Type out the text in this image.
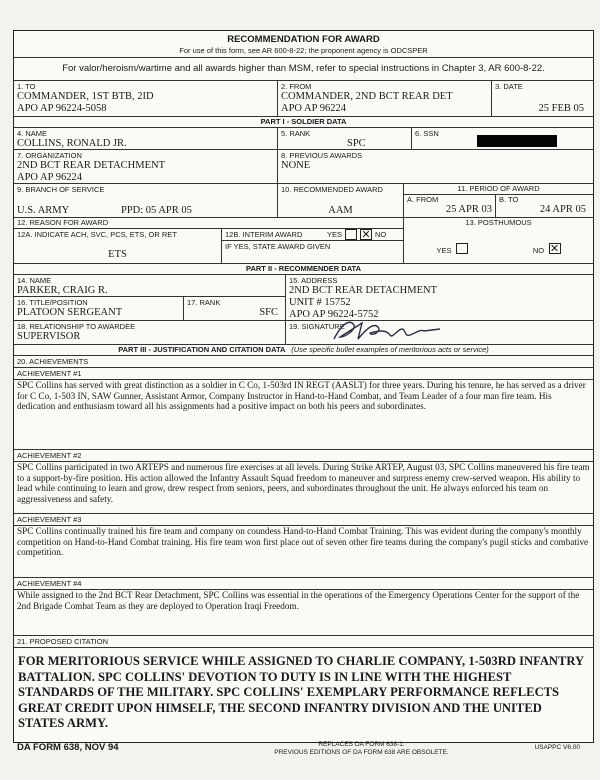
RECOMMENDATION FOR AWARD
For use of this form, see AR 600-8-22; the proponent agency is ODCSPER
For valor/heroism/wartime and all awards higher than MSM, refer to special instructions in Chapter 3, AR 600-8-22.
1. TO
COMMANDER, 1ST BTB, 2ID
APO AP 96224-5058
2. FROM
COMMANDER, 2ND BCT REAR DET
APO AP 96224
3. DATE
25 FEB 05
PART I - SOLDIER DATA
4. NAME
COLLINS, RONALD JR.
5. RANK
SPC
6. SSN
7. ORGANIZATION
2ND BCT REAR DETACHMENT
APO AP 96224
8. PREVIOUS AWARDS
NONE
9. BRANCH OF SERVICE
U.S. ARMY	PPD: 05 APR 05
10. RECOMMENDED AWARD
AAM
11. PERIOD OF AWARD
A. FROM
25 APR 03
B. TO
24 APR 05
12. REASON FOR AWARD
12A. INDICATE ACH, SVC, PCS, ETS, OR RET
ETS
12B. INTERIM AWARD	YES ✕ NO
IF YES, STATE AWARD GIVEN
13. POSTHUMOUS
YES	NO ✕
PART II - RECOMMENDER DATA
14. NAME
PARKER, CRAIG R.
16. TITLE/POSITION
PLATOON SERGEANT
17. RANK
SFC
18. RELATIONSHIP TO AWARDEE
SUPERVISOR
15. ADDRESS
2ND BCT REAR DETACHMENT
UNIT # 15752
APO AP 96224-5752
19. SIGNATURE
PART III - JUSTIFICATION AND CITATION DATA (Use specific bullet examples of meritorious acts or service)
20. ACHIEVEMENTS
ACHIEVEMENT #1
SPC Collins has served with great distinction as a soldier in C Co, 1-503rd IN REGT (AASLT) for three years. During his tenure, he has served as a driver for C Co, 1-503 IN, SAW Gunner, Assistant Armor, Company Instructor in Hand-to-Hand Combat, and Team Leader of a four man fire team. His dedication and enthusiasm toward all his assignments had a positive impact on both his peers and subordinates.
ACHIEVEMENT #2
SPC Collins participated in two ARTEPS and numerous fire exercises at all levels. During Strike ARTEP, August 03, SPC Collins maneuvered his fire team to a support-by-fire position. His action allowed the Infantry Assault Squad freedom to maneuver and surpress enemy crew-served weapon. His ability to lead while continuing to learn and grow, drew respect from seniors, peers, and subordinates throughout the unit. He always enforced his team on aggressiveness and safety.
ACHIEVEMENT #3
SPC Collins continually trained his fire team and company on coundess Hand-to-Hand Combat Training. This was evident during the company's monthly competition on Hand-to-Hand Combat training. His fire team won first place out of seven other fire teams during the company's pugil sticks and combative competition.
ACHIEVEMENT #4
While assigned to the 2nd BCT Rear Detachment, SPC Collins was essential in the operations of the Emergency Operations Center for the support of the 2nd Brigade Combat Team as they are deployed to Operation Iraqi Freedom.
21. PROPOSED CITATION
FOR MERITORIOUS SERVICE WHILE ASSIGNED TO CHARLIE COMPANY, 1-503RD INFANTRY BATTALION. SPC COLLINS' DEVOTION TO DUTY IS IN LINE WITH THE HIGHEST STANDARDS OF THE MILITARY. SPC COLLINS' EXEMPLARY PERFORMANCE REFLECTS GREAT CREDIT UPON HIMSELF, THE SECOND INFANTRY DIVISION AND THE UNITED STATES ARMY.
DA FORM 638, NOV 94	REPLACES DA FORM 638-1.
PREVIOUS EDITIONS OF DA FORM 638 ARE OBSOLETE.
USAPPC V6.00
